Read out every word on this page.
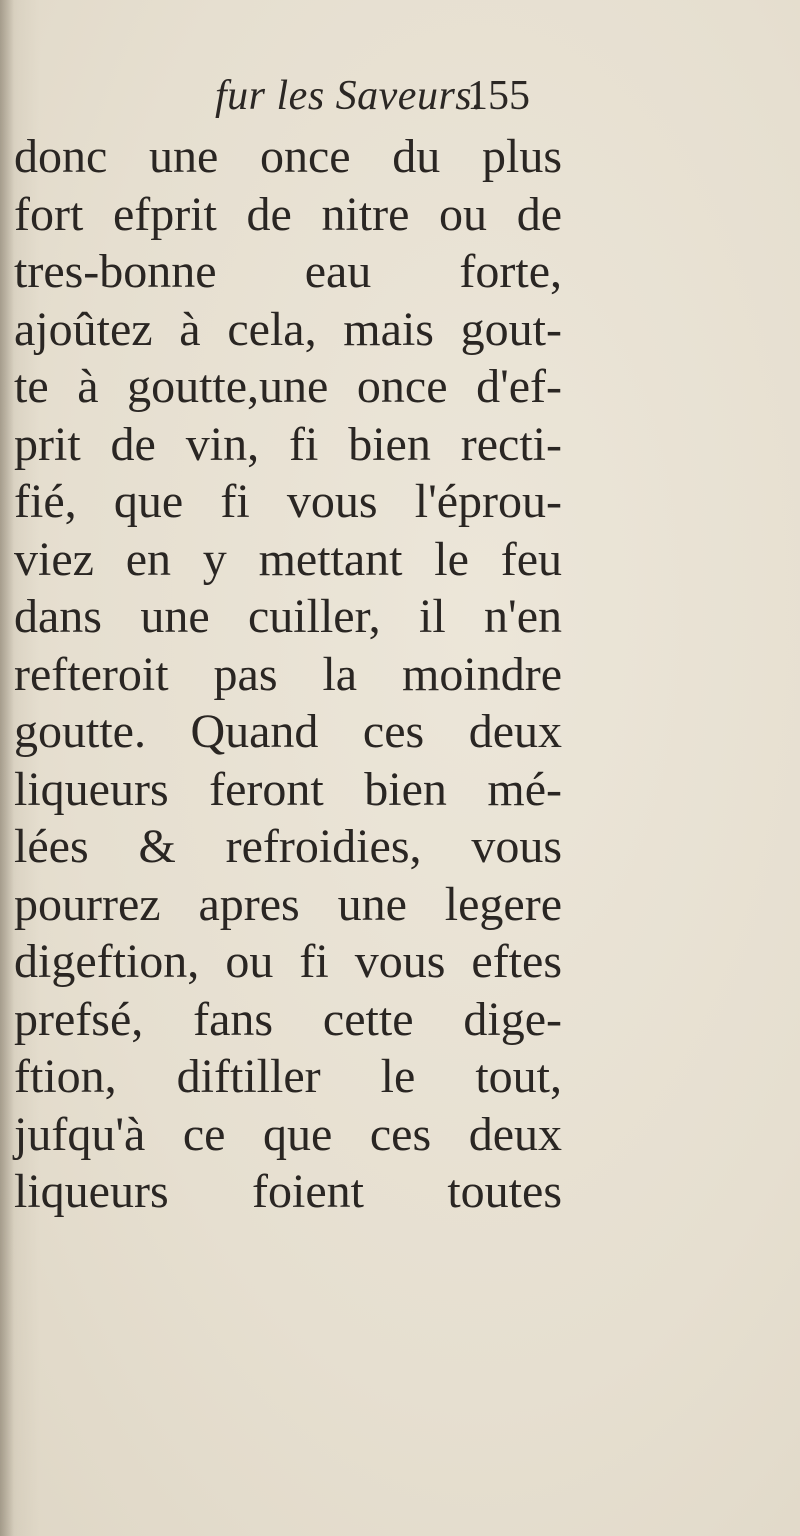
fur les Saveurs.
155
donc une once du plus
fort efprit de nitre ou de
tres-bonne eau forte,
ajoûtez à cela, mais gout-
te à goutte,une once d'ef-
prit de vin, fi bien recti-
fié, que fi vous l'éprou-
viez en y mettant le feu
dans une cuiller, il n'en
refteroit pas la moindre
goutte. Quand ces deux
liqueurs feront bien mé-
lées & refroidies, vous
pourrez apres une legere
digeftion, ou fi vous eftes
prefsé, fans cette dige-
ftion, diftiller le tout,
jufqu'à ce que ces deux
liqueurs foient toutes
